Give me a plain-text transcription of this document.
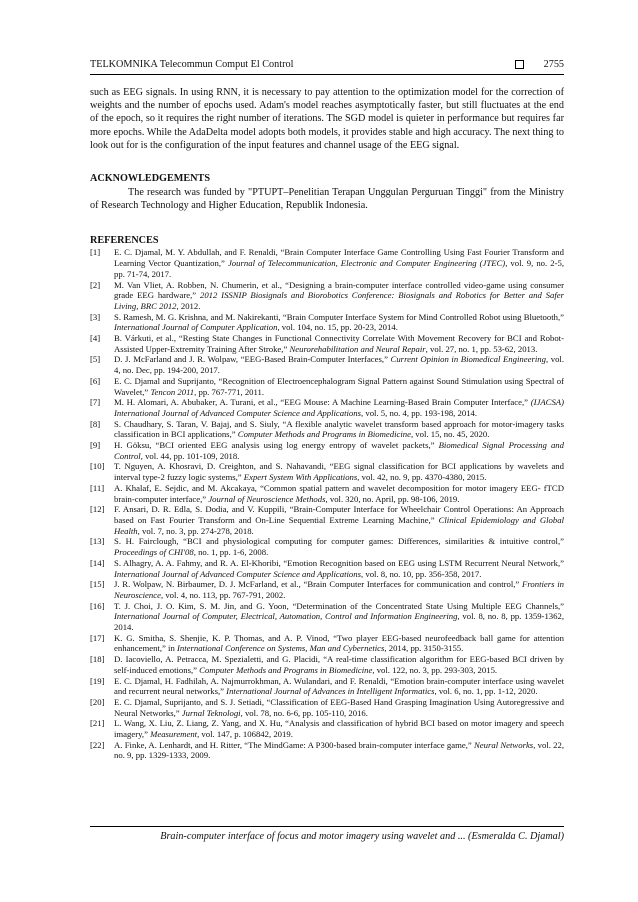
TELKOMNIKA Telecommun Comput El Control	2755

such as EEG signals. In using RNN, it is necessary to pay attention to the optimization model for the correction of weights and the number of epochs used. Adam's model reaches asymptotically faster, but still fluctuates at the end of the epoch, so it requires the right number of iterations. The SGD model is quieter in performance but requires far more epochs. While the AdaDelta model adopts both models, it provides stable and high accuracy. The next thing to look out for is the configuration of the input features and channel usage of the EEG signal.

ACKNOWLEDGEMENTS

The research was funded by "PTUPT–Penelitian Terapan Unggulan Perguruan Tinggi" from the Ministry of Research Technology and Higher Education, Republik Indonesia.

REFERENCES
[1] E. C. Djamal, M. Y. Abdullah, and F. Renaldi, “Brain Computer Interface Game Controlling Using Fast Fourier Transform and Learning Vector Quantization,” Journal of Telecommunication, Electronic and Computer Engineering (JTEC), vol. 9, no. 2-5, pp. 71-74, 2017.
[2] M. Van Vliet, A. Robben, N. Chumerin, et al., “Designing a brain-computer interface controlled video-game using consumer grade EEG hardware,” 2012 ISSNIP Biosignals and Biorobotics Conference: Biosignals and Robotics for Better and Safer Living, BRC 2012, 2012.
[3] S. Ramesh, M. G. Krishna, and M. Nakirekanti, “Brain Computer Interface System for Mind Controlled Robot using Bluetooth,” International Journal of Computer Application, vol. 104, no. 15, pp. 20-23, 2014.
[4] B. Várkuti, et al., “Resting State Changes in Functional Connectivity Correlate With Movement Recovery for BCI and Robot-Assisted Upper-Extremity Training After Stroke,” Neurorehabilitation and Neural Repair, vol. 27, no. 1, pp. 53-62, 2013.
[5] D. J. McFarland and J. R. Wolpaw, “EEG-Based Brain-Computer Interfaces,” Current Opinion in Biomedical Engineering, vol. 4, no. Dec, pp. 194-200, 2017.
[6] E. C. Djamal and Suprijanto, “Recognition of Electroencephalogram Signal Pattern against Sound Stimulation using Spectral of Wavelet,” Tencon 2011, pp. 767-771, 2011.
[7] M. H. Alomari, A. Abubaker, A. Turani, et al., “EEG Mouse: A Machine Learning-Based Brain Computer Interface,” (IJACSA) International Journal of Advanced Computer Science and Applications, vol. 5, no. 4, pp. 193-198, 2014.
[8] S. Chaudhary, S. Taran, V. Bajaj, and S. Siuly, “A flexible analytic wavelet transform based approach for motor-imagery tasks classification in BCI applications,” Computer Methods and Programs in Biomedicine, vol. 15, no. 45, 2020.
[9] H. Göksu, “BCI oriented EEG analysis using log energy entropy of wavelet packets,” Biomedical Signal Processing and Control, vol. 44, pp. 101-109, 2018.
[10] T. Nguyen, A. Khosravi, D. Creighton, and S. Nahavandi, “EEG signal classification for BCI applications by wavelets and interval type-2 fuzzy logic systems,” Expert System With Applications, vol. 42, no. 9, pp. 4370-4380, 2015.
[11] A. Khalaf, E. Sejdic, and M. Akcakaya, “Common spatial pattern and wavelet decomposition for motor imagery EEG- fTCD brain-computer interface,” Journal of Neuroscience Methods, vol. 320, no. April, pp. 98-106, 2019.
[12] F. Ansari, D. R. Edla, S. Dodia, and V. Kuppili, “Brain-Computer Interface for Wheelchair Control Operations: An Approach based on Fast Fourier Transform and On-Line Sequential Extreme Learning Machine,” Clinical Epidemiology and Global Health, vol. 7, no. 3, pp. 274-278, 2018.
[13] S. H. Fairclough, “BCI and physiological computing for computer games: Differences, similarities & intuitive control,” Proceedings of CHI'08, no. 1, pp. 1-6, 2008.
[14] S. Alhagry, A. A. Fahmy, and R. A. El-Khoribi, “Emotion Recognition based on EEG using LSTM Recurrent Neural Network,” International Journal of Advanced Computer Science and Applications, vol. 8, no. 10, pp. 356-358, 2017.
[15] J. R. Wolpaw, N. Birbaumer, D. J. McFarland, et al., “Brain Computer Interfaces for communication and control,” Frontiers in Neuroscience, vol. 4, no. 113, pp. 767-791, 2002.
[16] T. J. Choi, J. O. Kim, S. M. Jin, and G. Yoon, “Determination of the Concentrated State Using Multiple EEG Channels,” International Journal of Computer, Electrical, Automation, Control and Information Engineering, vol. 8, no. 8, pp. 1359-1362, 2014.
[17] K. G. Smitha, S. Shenjie, K. P. Thomas, and A. P. Vinod, “Two player EEG-based neurofeedback ball game for attention enhancement,” in International Conference on Systems, Man and Cybernetics, 2014, pp. 3150-3155.
[18] D. Iacoviello, A. Petracca, M. Spezialetti, and G. Placidi, “A real-time classification algorithm for EEG-based BCI driven by self-induced emotions,” Computer Methods and Programs in Biomedicine, vol. 122, no. 3, pp. 293-303, 2015.
[19] E. C. Djamal, H. Fadhilah, A. Najmurrokhman, A. Wulandari, and F. Renaldi, “Emotion brain-computer interface using wavelet and recurrent neural networks,” International Journal of Advances in Intelligent Informatics, vol. 6, no. 1, pp. 1-12, 2020.
[20] E. C. Djamal, Suprijanto, and S. J. Setiadi, “Classification of EEG-Based Hand Grasping Imagination Using Autoregressive and Neural Networks,” Jurnal Teknologi, vol. 78, no. 6-6, pp. 105-110, 2016.
[21] L. Wang, X. Liu, Z. Liang, Z. Yang, and X. Hu, “Analysis and classification of hybrid BCI based on motor imagery and speech imagery,” Measurement, vol. 147, p. 106842, 2019.
[22] A. Finke, A. Lenhardt, and H. Ritter, “The MindGame: A P300-based brain-computer interface game,” Neural Networks, vol. 22, no. 9, pp. 1329-1333, 2009.
Brain-computer interface of focus and motor imagery using wavelet and ... (Esmeralda C. Djamal)
